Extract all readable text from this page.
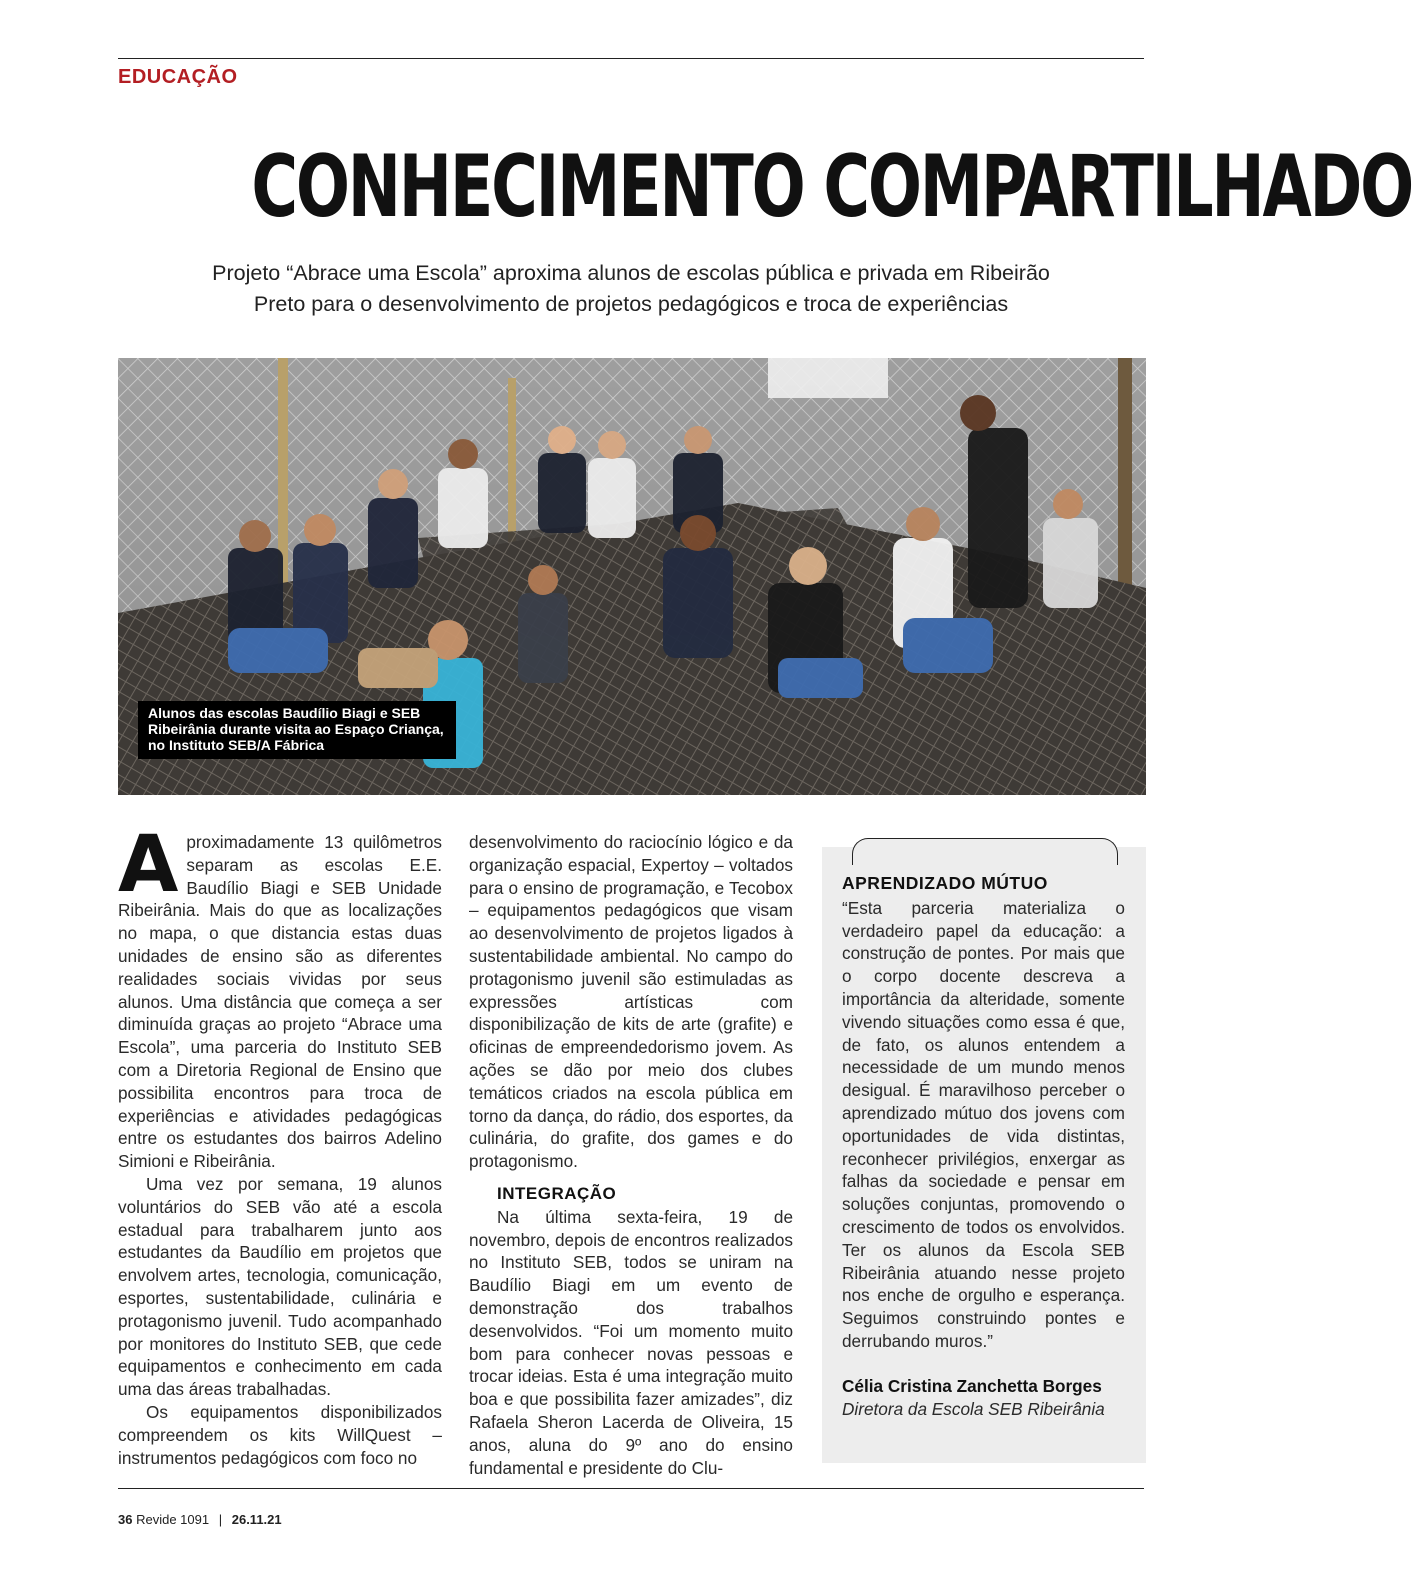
EDUCAÇÃO
CONHECIMENTO COMPARTILHADO
Projeto “Abrace uma Escola” aproxima alunos de escolas pública e privada em Ribeirão
Preto para o desenvolvimento de projetos pedagógicos e troca de experiências
Alunos das escolas Baudílio Biagi e SEB Ribeirânia durante visita ao Espaço Criança, no Instituto SEB/A Fábrica

Aproximadamente 13 quilômetros separam as escolas E.E. Baudílio Biagi e SEB Unidade Ribeirânia. Mais do que as localizações no mapa, o que distancia estas duas unidades de ensino são as diferentes realidades sociais vividas por seus alunos. Uma distância que começa a ser diminuída graças ao projeto “Abrace uma Escola”, uma parceria do Instituto SEB com a Diretoria Regional de Ensino que possibilita encontros para troca de experiências e atividades pedagógicas entre os estudantes dos bairros Adelino Simioni e Ribeirânia.

Uma vez por semana, 19 alunos voluntários do SEB vão até a escola estadual para trabalharem junto aos estudantes da Baudílio em projetos que envolvem artes, tecnologia, comunicação, esportes, sustentabilidade, culinária e protagonismo juvenil. Tudo acompanhado por monitores do Instituto SEB, que cede equipamentos e conhecimento em cada uma das áreas trabalhadas.

Os equipamentos disponibilizados compreendem os kits WillQuest – instrumentos pedagógicos com foco no

desenvolvimento do raciocínio lógico e da organização espacial, Expertoy – voltados para o ensino de programação, e Tecobox – equipamentos pedagógicos que visam ao desenvolvimento de projetos ligados à sustentabilidade ambiental. No campo do protagonismo juvenil são estimuladas as expressões artísticas com disponibilização de kits de arte (grafite) e oficinas de empreendedorismo jovem. As ações se dão por meio dos clubes temáticos criados na escola pública em torno da dança, do rádio, dos esportes, da culinária, do grafite, dos games e do protagonismo.

INTEGRAÇÃO

Na última sexta-feira, 19 de novembro, depois de encontros realizados no Instituto SEB, todos se uniram na Baudílio Biagi em um evento de demonstração dos trabalhos desenvolvidos. “Foi um momento muito bom para conhecer novas pessoas e trocar ideias. Esta é uma integração muito boa e que possibilita fazer amizades”, diz Rafaela Sheron Lacerda de Oliveira, 15 anos, aluna do 9º ano do ensino fundamental e presidente do Clu-

APRENDIZADO MÚTUO

“Esta parceria materializa o verdadeiro papel da educação: a construção de pontes. Por mais que o corpo docente descreva a importância da alteridade, somente vivendo situações como essa é que, de fato, os alunos entendem a necessidade de um mundo menos desigual. É maravilhoso perceber o aprendizado mútuo dos jovens com oportunidades de vida distintas, reconhecer privilégios, enxergar as falhas da sociedade e pensar em soluções conjuntas, promovendo o crescimento de todos os envolvidos. Ter os alunos da Escola SEB Ribeirânia atuando nesse projeto nos enche de orgulho e esperança. Seguimos construindo pontes e derrubando muros.”

Célia Cristina Zanchetta Borges

Diretora da Escola SEB Ribeirânia

36 Revide 1091 | 26.11.21
